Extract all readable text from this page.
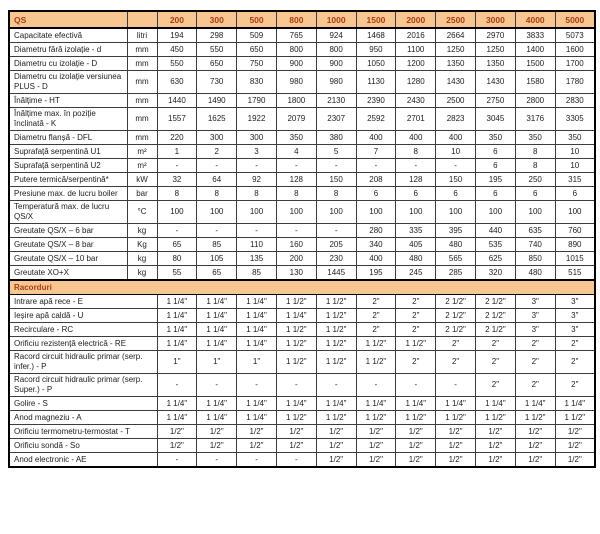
QS		200	300	500	800	1000	1500	2000	2500	3000	4000	5000
Capacitate efectivă	litri	194	298	509	765	924	1468	2016	2664	2970	3833	5073
Diametru fără izolație - d	mm	450	550	650	800	800	950	1100	1250	1250	1400	1600
Diametru cu izolație - D	mm	550	650	750	900	900	1050	1200	1350	1350	1500	1700
Diametru cu izolație versiunea PLUS - D	mm	630	730	830	980	980	1130	1280	1430	1430	1580	1780
Înălțime - HT	mm	1440	1490	1790	1800	2130	2390	2430	2500	2750	2800	2830
Înălțime max. în poziție înclinată - K	mm	1557	1625	1922	2079	2307	2592	2701	2823	3045	3176	3305
Diametru flanșă - DFL	mm	220	300	300	350	380	400	400	400	350	350	350
Suprafață serpentină U1	m²	1	2	3	4	5	7	8	10	6	8	10
Suprafață serpentină U2	m²	-	-	-	-	-	-	-	-	6	8	10
Putere termică/serpentină*	kW	32	64	92	128	150	208	128	150	195	250	315
Presiune max. de lucru boiler	bar	8	8	8	8	8	6	6	6	6	6	6
Temperatură max. de lucru QS/X	°C	100	100	100	100	100	100	100	100	100	100	100
Greutate QS/X – 6 bar	kg	-	-	-	-	-	280	335	395	440	635	760
Greutate QS/X – 8 bar	Kg	65	85	110	160	205	340	405	480	535	740	890
Greutate QS/X – 10 bar	kg	80	105	135	200	230	400	480	565	625	850	1015
Greutate XO+X	kg	55	65	85	130	1445	195	245	285	320	480	515
Racorduri												
Intrare apă rece - E		1 1/4"	1 1/4"	1 1/4"	1 1/2"	1 1/2"	2"	2"	2 1/2"	2 1/2"	3"	3"
Ieșire apă caldă - U		1 1/4"	1 1/4"	1 1/4"	1 1/4"	1 1/2"	2"	2"	2 1/2"	2 1/2"	3"	3"
Recirculare - RC		1 1/4"	1 1/4"	1 1/4"	1 1/2"	1 1/2"	2"	2"	2 1/2"	2 1/2"	3"	3"
Orificiu rezistență electrică - RE		1 1/4"	1 1/4"	1 1/4"	1 1/2"	1 1/2"	1 1/2"	1 1/2"	2"	2"	2"	2"
Racord circuit hidraulic primar (serp. infer.) - P		1"	1"	1"	1 1/2"	1 1/2"	1 1/2"	2"	2"	2"	2"	2"
Racord circuit hidraulic primar (serp. Super.) - P		-	-	-	-	-	-	-	-	2"	2"	2"
Golire - S		1 1/4"	1 1/4"	1 1/4"	1 1/4"	1 1/4"	1 1/4"	1 1/4"	1 1/4"	1 1/4"	1 1/4"	1 1/4"
Anod magneziu - A		1 1/4"	1 1/4"	1 1/4"	1 1/2"	1 1/2"	1 1/2"	1 1/2"	1 1/2"	1 1/2"	1 1/2"	1 1/2"
Orificiu termometru-termostat - T		1/2"	1/2"	1/2"	1/2"	1/2"	1/2"	1/2"	1/2"	1/2"	1/2"	1/2"
Orificiu sondă - So		1/2"	1/2"	1/2"	1/2"	1/2"	1/2"	1/2"	1/2"	1/2"	1/2"	1/2"
Anod electronic - AE		-	-	-	-	1/2"	1/2"	1/2"	1/2"	1/2"	1/2"	1/2"
